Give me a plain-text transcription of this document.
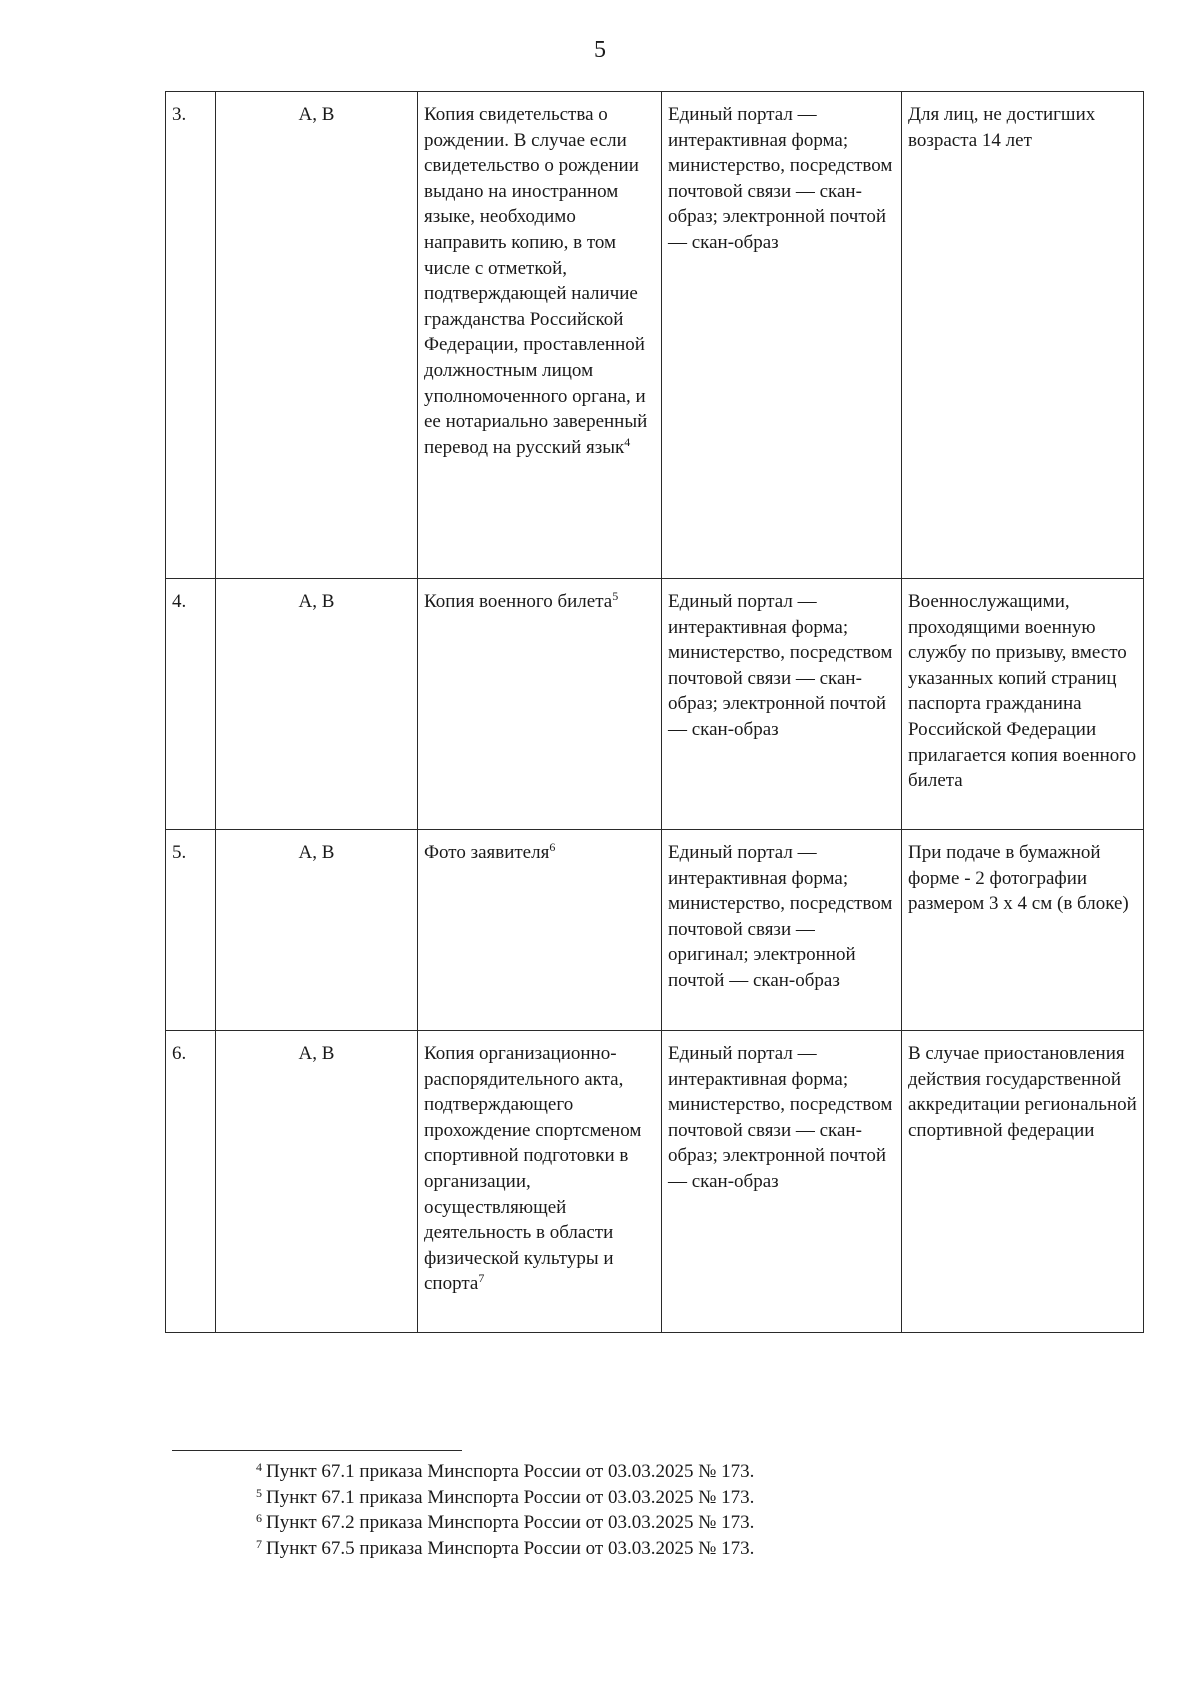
5
3.	А, В	Копия свидетельства о рождении. В случае если свидетельство о рождении выдано на иностранном языке, необходимо направить копию, в том числе с отметкой, подтверждающей наличие гражданства Российской Федерации, проставленной должностным лицом уполномоченного органа, и ее нотариально заверенный перевод на русский язык$^4$	Единый портал — интерактивная форма; министерство, посредством почтовой связи — скан-образ; электронной почтой — скан-образ	Для лиц, не достигших возраста 14 лет
4.	А, В	Копия военного билета$^5$	Единый портал — интерактивная форма; министерство, посредством почтовой связи — скан-образ; электронной почтой — скан-образ	Военнослужащими, проходящими военную службу по призыву, вместо указанных копий страниц паспорта гражданина Российской Федерации прилагается копия военного билета
5.	А, В	Фото заявителя$^6$	Единый портал — интерактивная форма; министерство, посредством почтовой связи — оригинал; электронной почтой — скан-образ	При подаче в бумажной форме - 2 фотографии размером 3 х 4 см (в блоке)
6.	А, В	Копия организационно-распорядительного акта, подтверждающего прохождение спортсменом спортивной подготовки в организации, осуществляющей деятельность в области физической культуры и спорта$^7$	Единый портал — интерактивная форма; министерство, посредством почтовой связи — скан-образ; электронной почтой — скан-образ	В случае приостановления действия государственной аккредитации региональной спортивной федерации
$^4$ Пункт 67.1 приказа Минспорта России от 03.03.2025 № 173.
$^5$ Пункт 67.1 приказа Минспорта России от 03.03.2025 № 173.
$^6$ Пункт 67.2 приказа Минспорта России от 03.03.2025 № 173.
$^7$ Пункт 67.5 приказа Минспорта России от 03.03.2025 № 173.
